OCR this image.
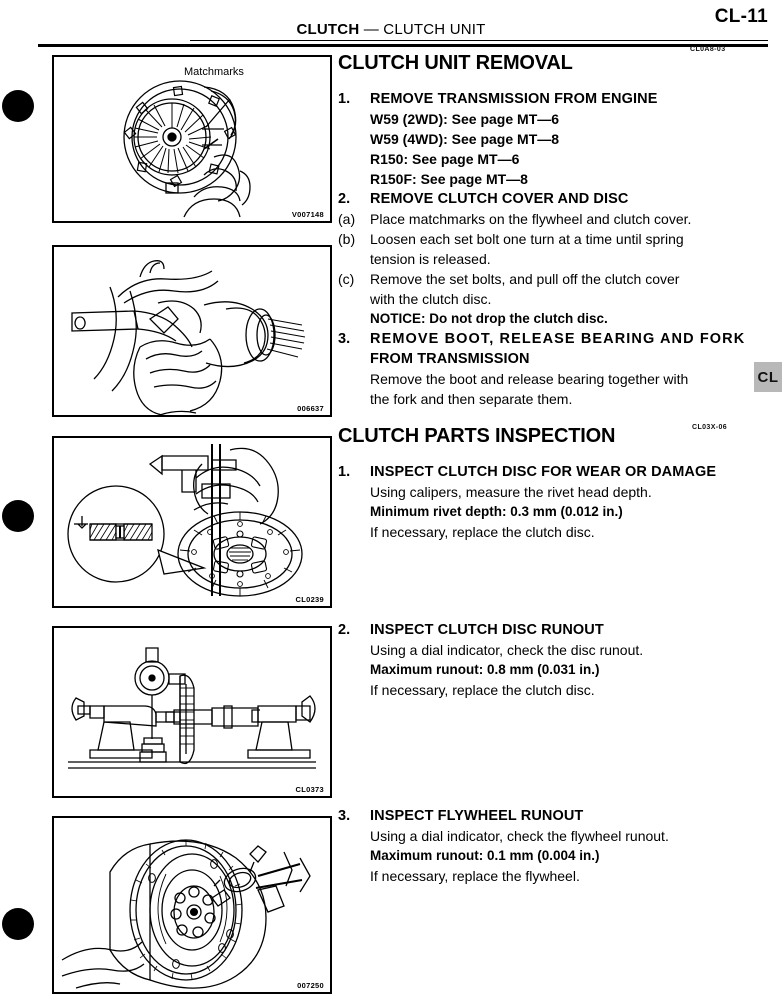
CL-11
CLUTCH — CLUTCH UNIT
CL0A8-03
CL03X-06
CL
Matchmarks
V007148
006637
CL0239
CL0373
007250
CLUTCH UNIT REMOVAL
1.	REMOVE TRANSMISSION FROM ENGINE
W59 (2WD): See page MT—6
W59 (4WD): See page MT—8
R150: See page MT—6
R150F: See page MT—8
2.	REMOVE CLUTCH COVER AND DISC
(a)	Place matchmarks on the flywheel and clutch cover.
(b)	Loosen each set bolt one turn at a time until spring
tension is released.
(c)	Remove the set bolts, and pull off the clutch cover
with the clutch disc.
NOTICE: Do not drop the clutch disc.
3.	REMOVE BOOT, RELEASE BEARING AND FORK
FROM TRANSMISSION
Remove the boot and release bearing together with
the fork and then separate them.
CLUTCH PARTS INSPECTION
1.	INSPECT CLUTCH DISC FOR WEAR OR DAMAGE
Using calipers, measure the rivet head depth.
Minimum rivet depth: 0.3 mm (0.012 in.)
If necessary, replace the clutch disc.
2.	INSPECT CLUTCH DISC RUNOUT
Using a dial indicator, check the disc runout.
Maximum runout: 0.8 mm (0.031 in.)
If necessary, replace the clutch disc.
3.	INSPECT FLYWHEEL RUNOUT
Using a dial indicator, check the flywheel runout.
Maximum runout: 0.1 mm (0.004 in.)
If necessary, replace the flywheel.
